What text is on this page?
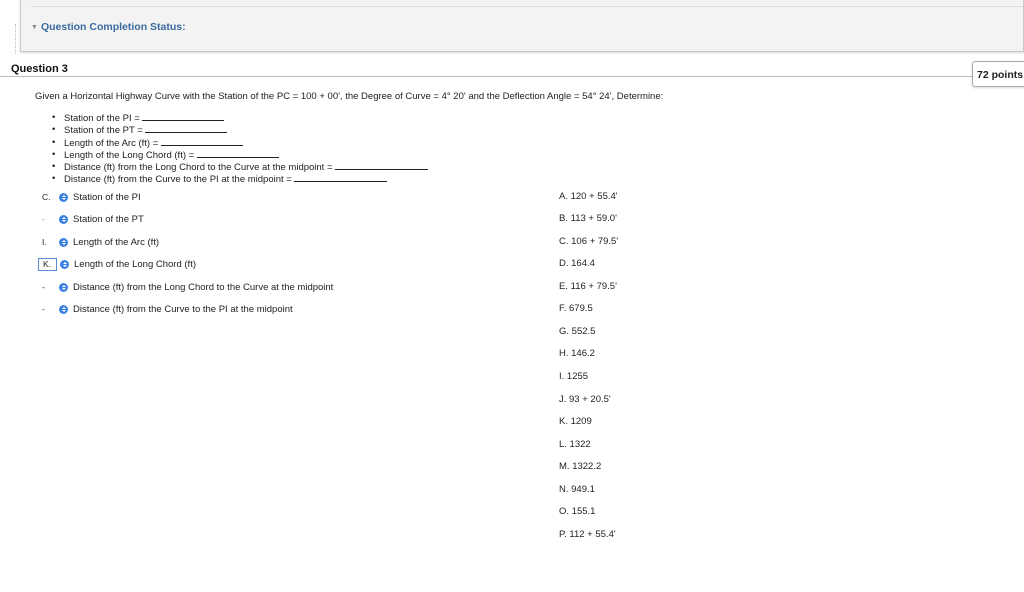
▼ Question Completion Status:
Question 3	72 points
Given a Horizontal Highway Curve with the Station of the PC = 100 + 00', the Degree of Curve = 4° 20' and the Deflection Angle = 54° 24', Determine:
• Station of the PI =
• Station of the PT =
• Length of the Arc (ft) =
• Length of the Long Chord (ft) =
• Distance (ft) from the Long Chord to the Curve at the midpoint =
• Distance (ft) from the Curve to the PI at the midpoint =
C.	Station of the PI
-	Station of the PT
I.	Length of the Arc (ft)
K.	Length of the Long Chord (ft)
-	Distance (ft) from the Long Chord to the Curve at the midpoint
-	Distance (ft) from the Curve to the PI at the midpoint
A. 120 + 55.4'
B. 113 + 59.0'
C. 106 + 79.5'
D. 164.4
E. 116 + 79.5'
F. 679.5
G. 552.5
H. 146.2
I. 1255
J. 93 + 20.5'
K. 1209
L. 1322
M. 1322.2
N. 949.1
O. 155.1
P. 112 + 55.4'
